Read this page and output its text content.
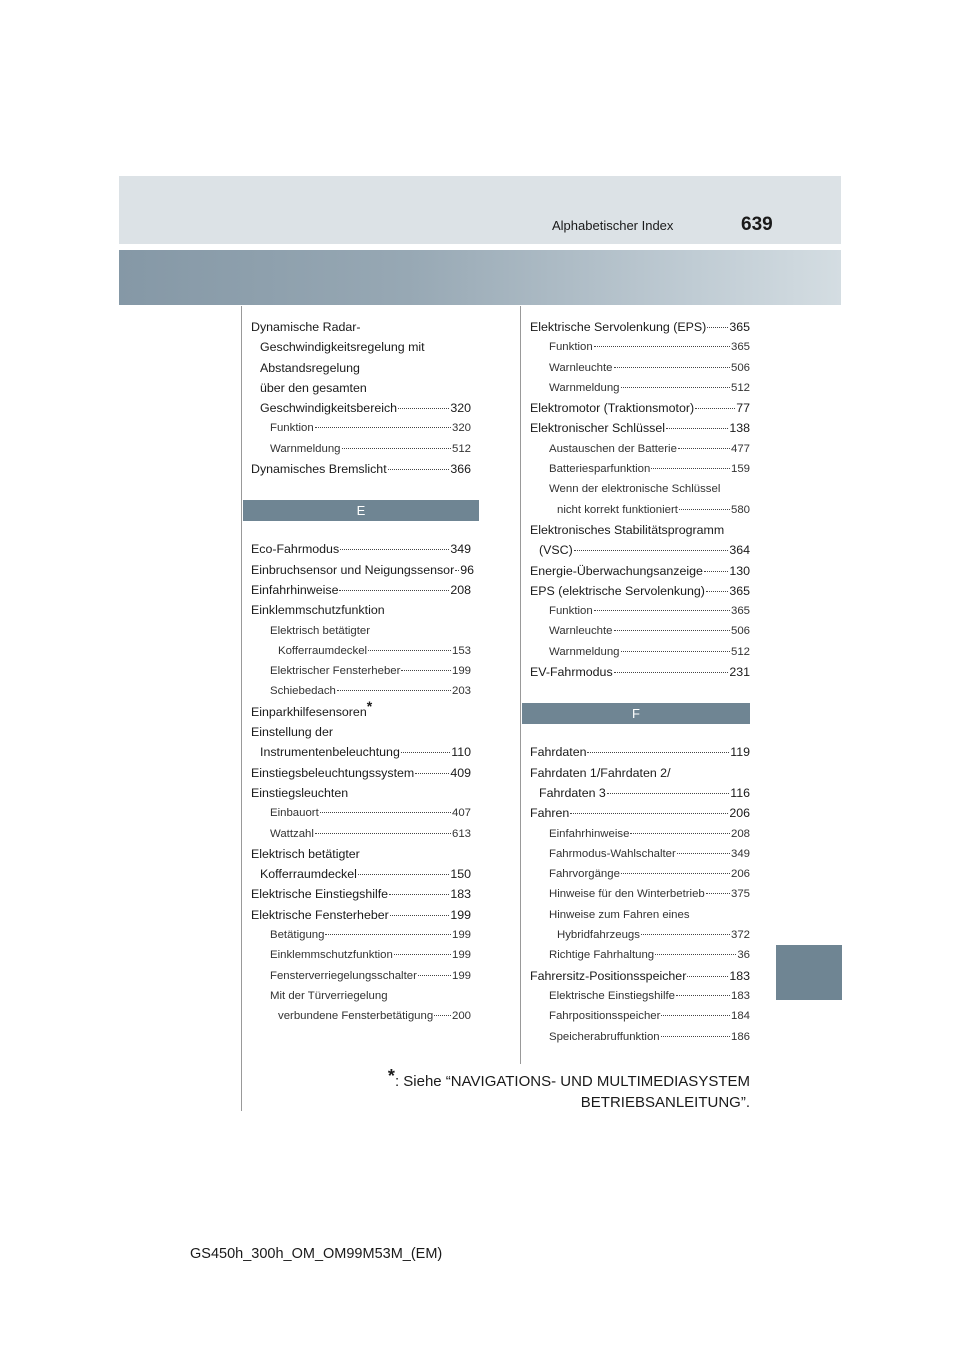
Alphabetischer Index	639
Dynamische Radar-
Geschwindigkeitsregelung mit
Abstandsregelung
über den gesamten
Geschwindigkeitsbereich	320
Funktion	320
Warnmeldung	512
Dynamisches Bremslicht	366
E
Eco-Fahrmodus	349
Einbruchsensor und Neigungssensor 96
Einfahrhinweise	208
Einklemmschutzfunktion
Elektrisch betätigter
Kofferraumdeckel	153
Elektrischer Fensterheber	199
Schiebedach	203
Einparkhilfesensoren*
Einstellung der
Instrumentenbeleuchtung	110
Einstiegsbeleuchtungssystem	409
Einstiegsleuchten
Einbauort	407
Wattzahl	613
Elektrisch betätigter
Kofferraumdeckel	150
Elektrische Einstiegshilfe	183
Elektrische Fensterheber	199
Betätigung	199
Einklemmschutzfunktion	199
Fensterverriegelungsschalter	199
Mit der Türverriegelung
verbundene Fensterbetätigung 200
Elektrische Servolenkung (EPS) 365
Funktion	365
Warnleuchte	506
Warnmeldung	512
Elektromotor (Traktionsmotor)	77
Elektronischer Schlüssel	138
Austauschen der Batterie	477
Batteriesparfunktion	159
Wenn der elektronische Schlüssel
nicht korrekt funktioniert	580
Elektronisches Stabilitätsprogramm
(VSC)	364
Energie-Überwachungsanzeige 130
EPS (elektrische Servolenkung) 365
Funktion	365
Warnleuchte	506
Warnmeldung	512
EV-Fahrmodus	231
F
Fahrdaten	119
Fahrdaten 1/Fahrdaten 2/
Fahrdaten 3	116
Fahren	206
Einfahrhinweise	208
Fahrmodus-Wahlschalter	349
Fahrvorgänge	206
Hinweise für den Winterbetrieb 375
Hinweise zum Fahren eines
Hybridfahrzeugs	372
Richtige Fahrhaltung	36
Fahrersitz-Positionsspeicher	183
Elektrische Einstiegshilfe	183
Fahrpositionsspeicher	184
Speicherabruffunktion	186
*: Siehe “NAVIGATIONS- UND MULTIMEDIASYSTEM
BETRIEBSANLEITUNG”.
GS450h_300h_OM_OM99M53M_(EM)
